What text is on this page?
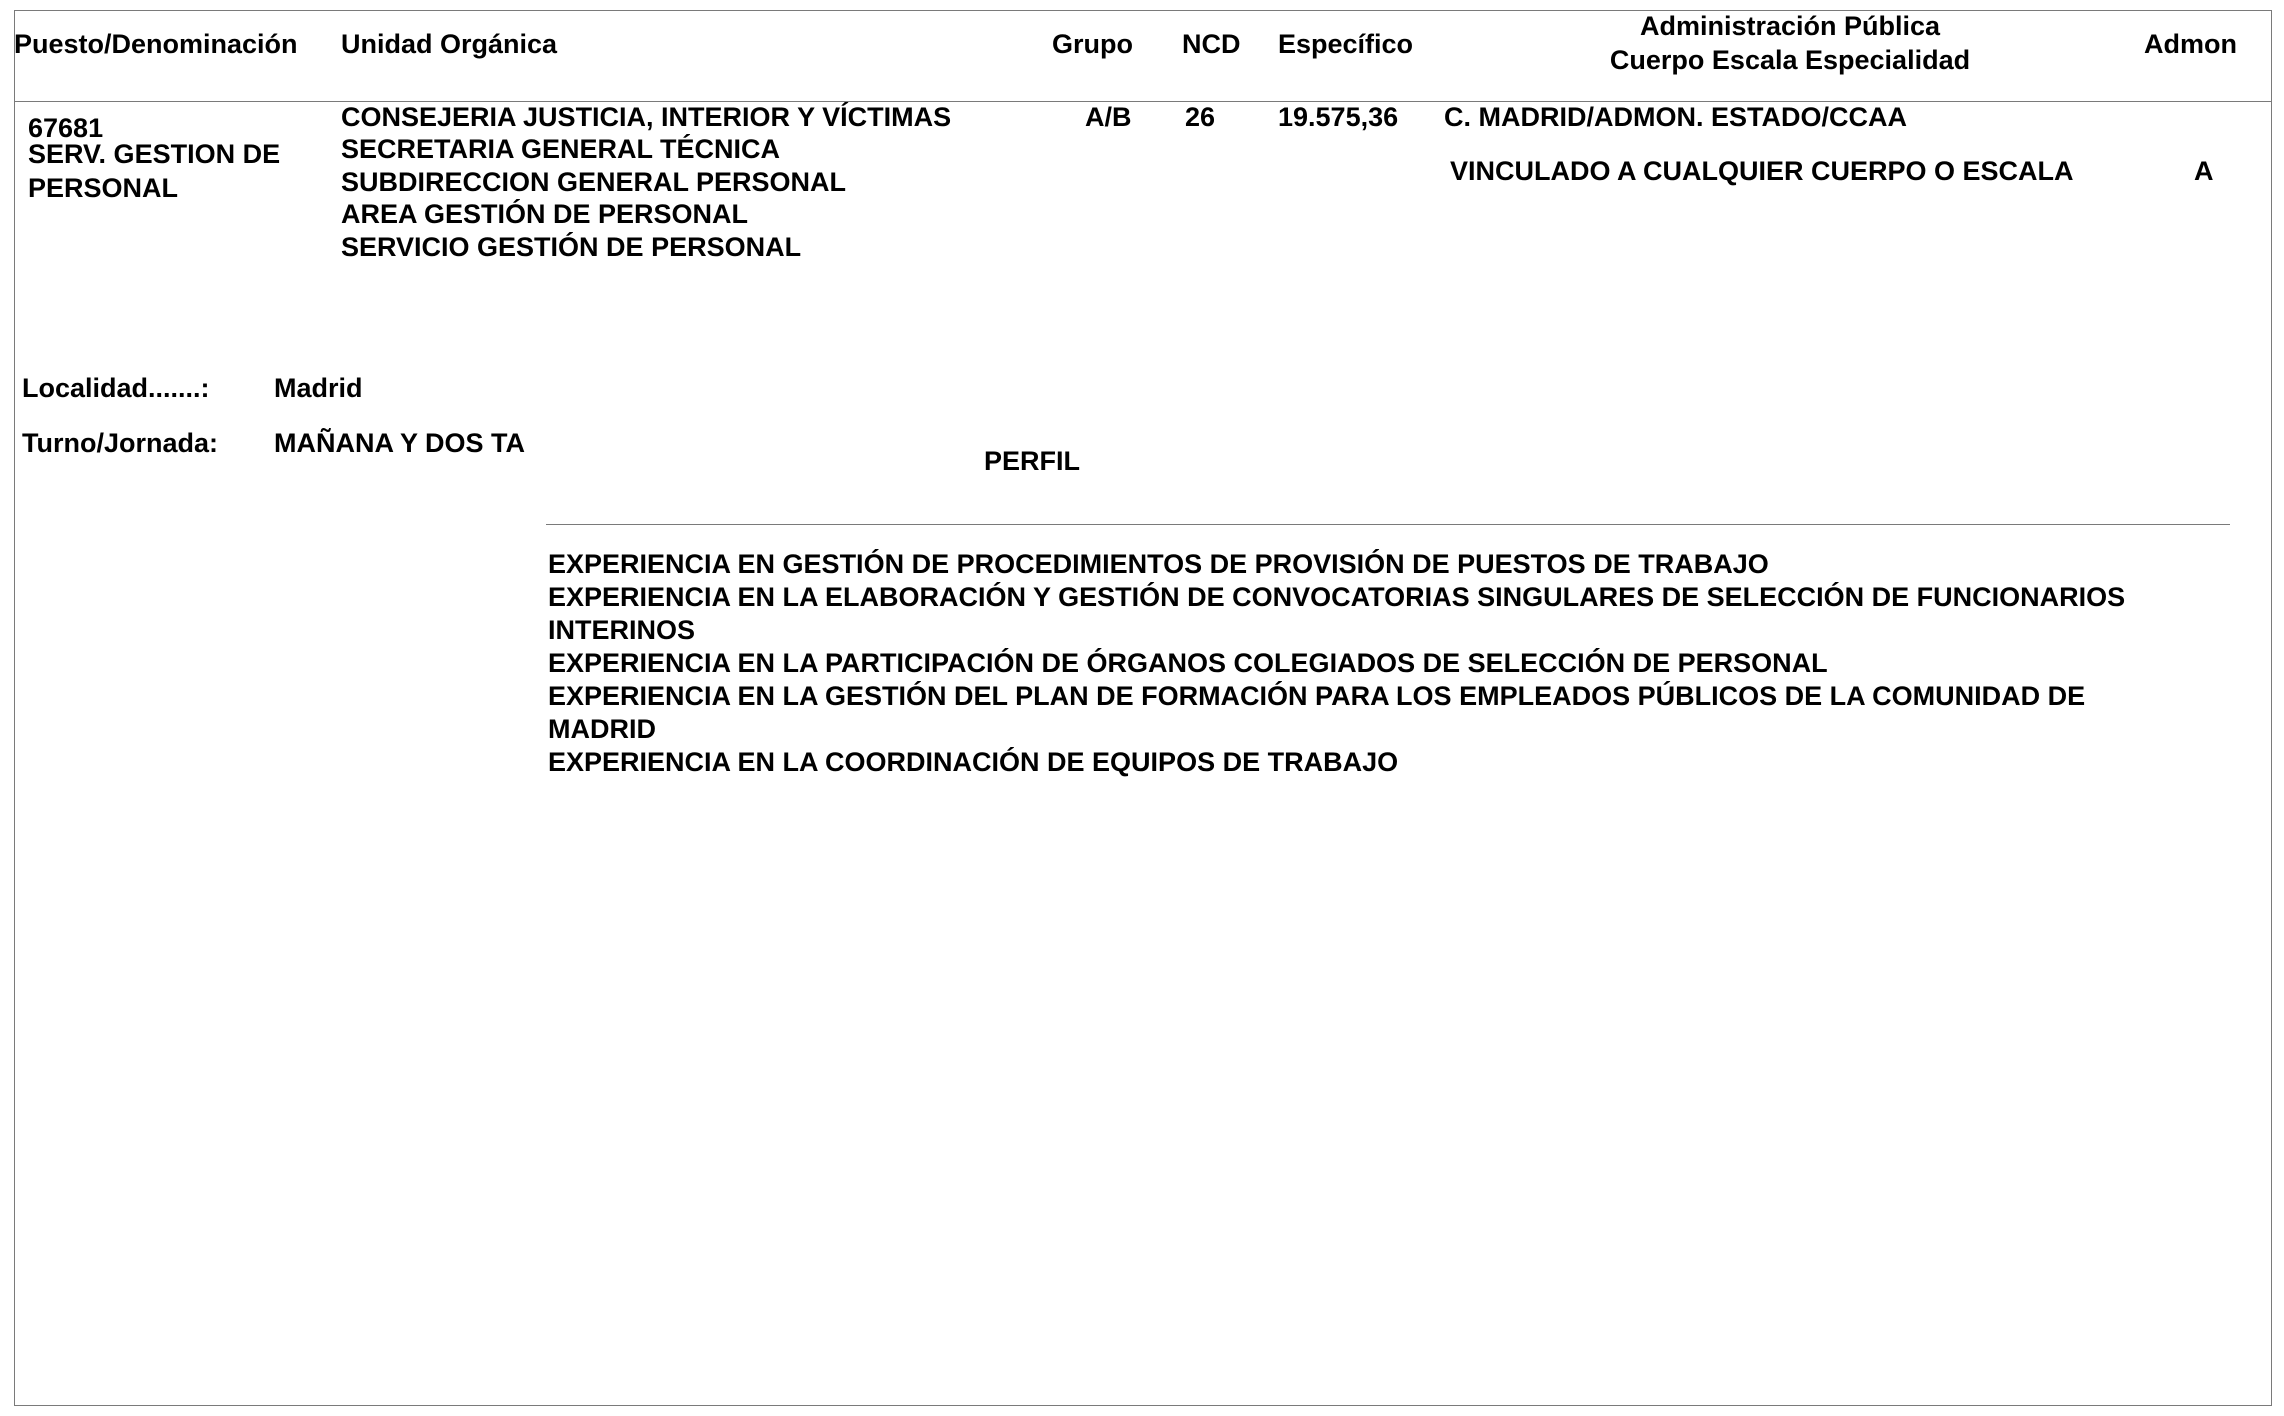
Puesto/Denominación Unidad Orgánica	Grupo NCD Específico
Administración Pública
Cuerpo Escala Especialidad
Admon
67681
SERV. GESTION DE
PERSONAL
CONSEJERIA JUSTICIA, INTERIOR Y VÍCTIMAS
SECRETARIA GENERAL TÉCNICA
SUBDIRECCION GENERAL PERSONAL
AREA GESTIÓN DE PERSONAL
SERVICIO GESTIÓN DE PERSONAL
A/B 26 19.575,36 C. MADRID/ADMON. ESTADO/CCAA
VINCULADO A CUALQUIER CUERPO O ESCALA	A
Localidad.......: Madrid
Turno/Jornada: MAÑANA Y DOS TA
PERFIL
EXPERIENCIA EN GESTIÓN DE PROCEDIMIENTOS DE PROVISIÓN DE PUESTOS DE TRABAJO
EXPERIENCIA EN LA ELABORACIÓN Y GESTIÓN DE CONVOCATORIAS SINGULARES DE SELECCIÓN DE FUNCIONARIOS
INTERINOS
EXPERIENCIA EN LA PARTICIPACIÓN DE ÓRGANOS COLEGIADOS DE SELECCIÓN DE PERSONAL
EXPERIENCIA EN LA GESTIÓN DEL PLAN DE FORMACIÓN PARA LOS EMPLEADOS PÚBLICOS DE LA COMUNIDAD DE
MADRID
EXPERIENCIA EN LA COORDINACIÓN DE EQUIPOS DE TRABAJO
